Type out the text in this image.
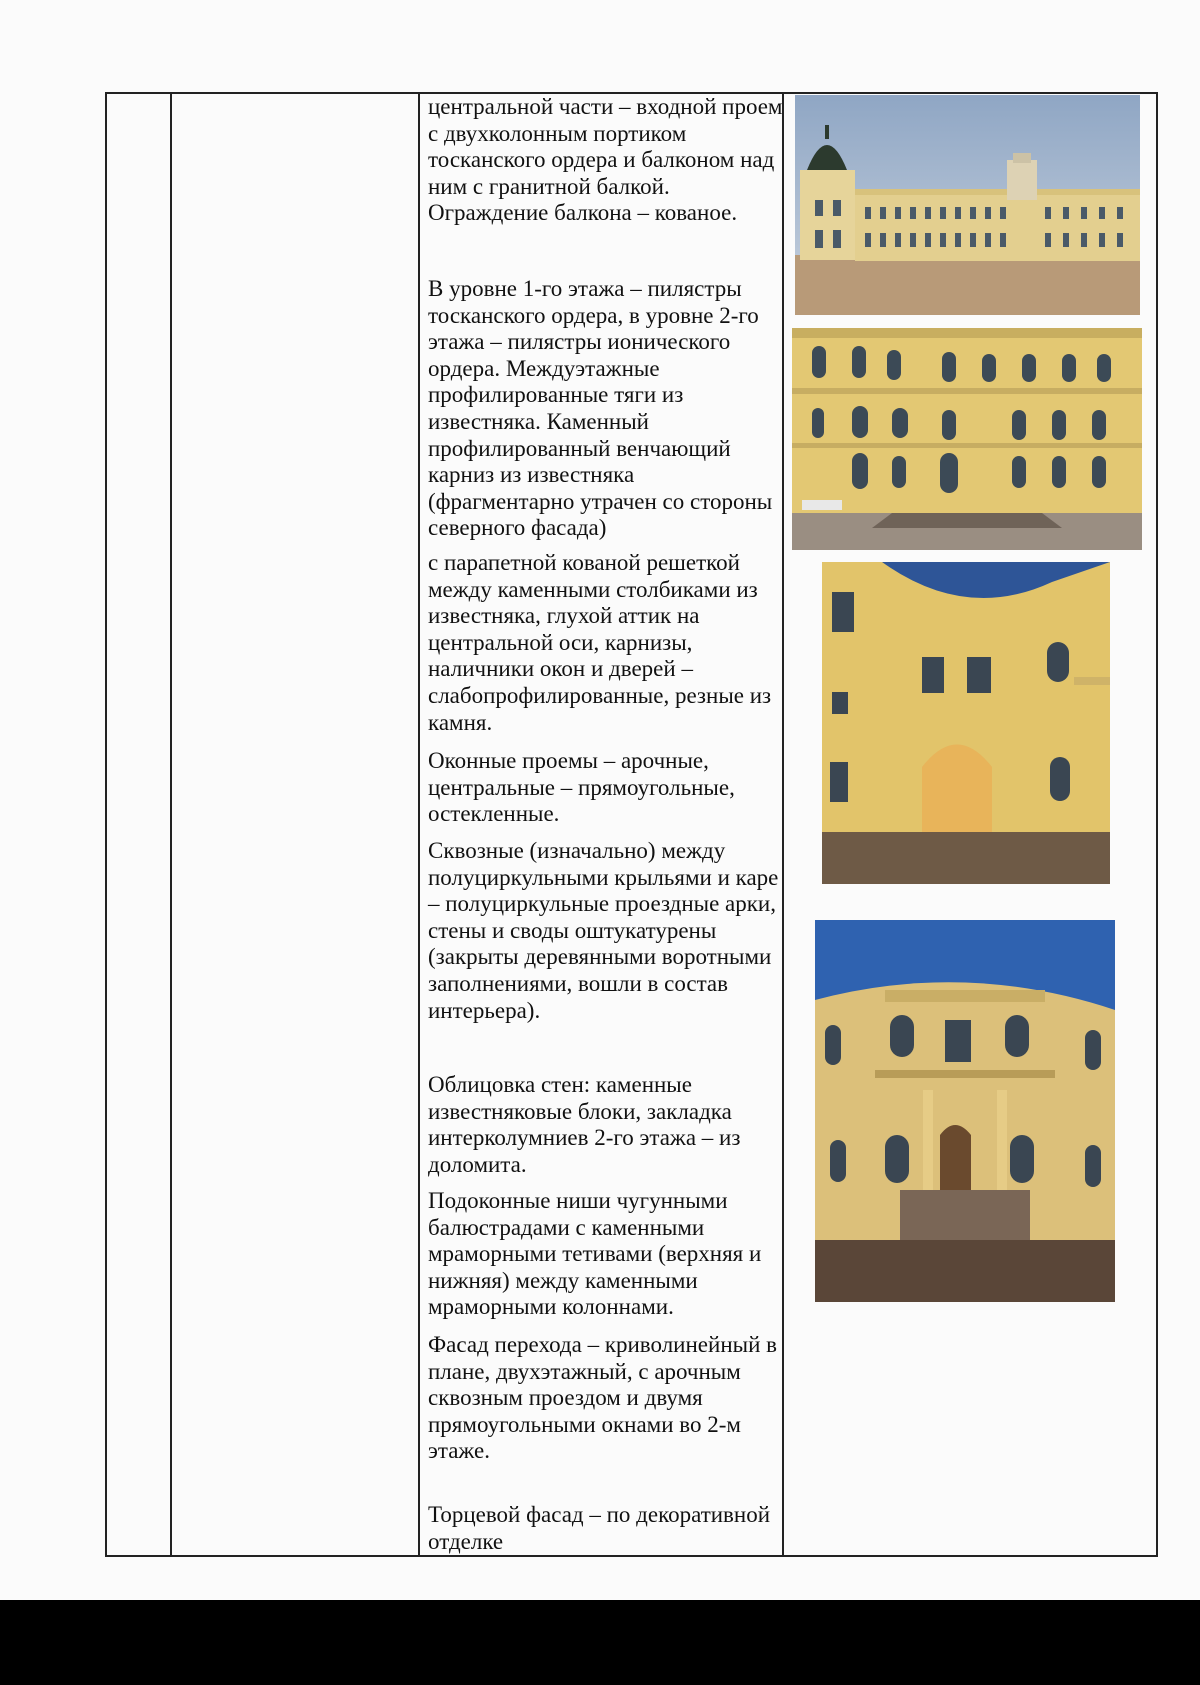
центральной части – входной проем с двухколонным портиком тосканского ордера и балконом над ним с гранитной балкой. Ограждение балкона – кованое.

В уровне 1-го этажа – пилястры тосканского ордера, в уровне 2-го этажа – пилястры ионического ордера. Междуэтажные профилированные тяги из известняка. Каменный профилированный венчающий карниз из известняка (фрагментарно утрачен со стороны северного фасада)

с парапетной кованой решеткой между каменными столбиками из известняка, глухой аттик на центральной оси, карнизы, наличники окон и дверей – слабопрофилированные, резные из камня.

Оконные проемы – арочные, центральные – прямоугольные, остекленные.

Сквозные (изначально) между полуциркульными крыльями и каре – полуциркульные проездные арки, стены и своды оштукатурены (закрыты деревянными воротными заполнениями, вошли в состав интерьера).

Облицовка стен: каменные известняковые блоки, закладка интерколумниев 2-го этажа – из доломита.

Подоконные ниши чугунными балюстрадами с каменными мраморными тетивами (верхняя и нижняя) между каменными мраморными колоннами.

Фасад перехода – криволинейный в плане, двухэтажный, с арочным сквозным проездом и двумя прямоугольными окнами во 2-м этаже.

Торцевой фасад – по декоративной отделке
